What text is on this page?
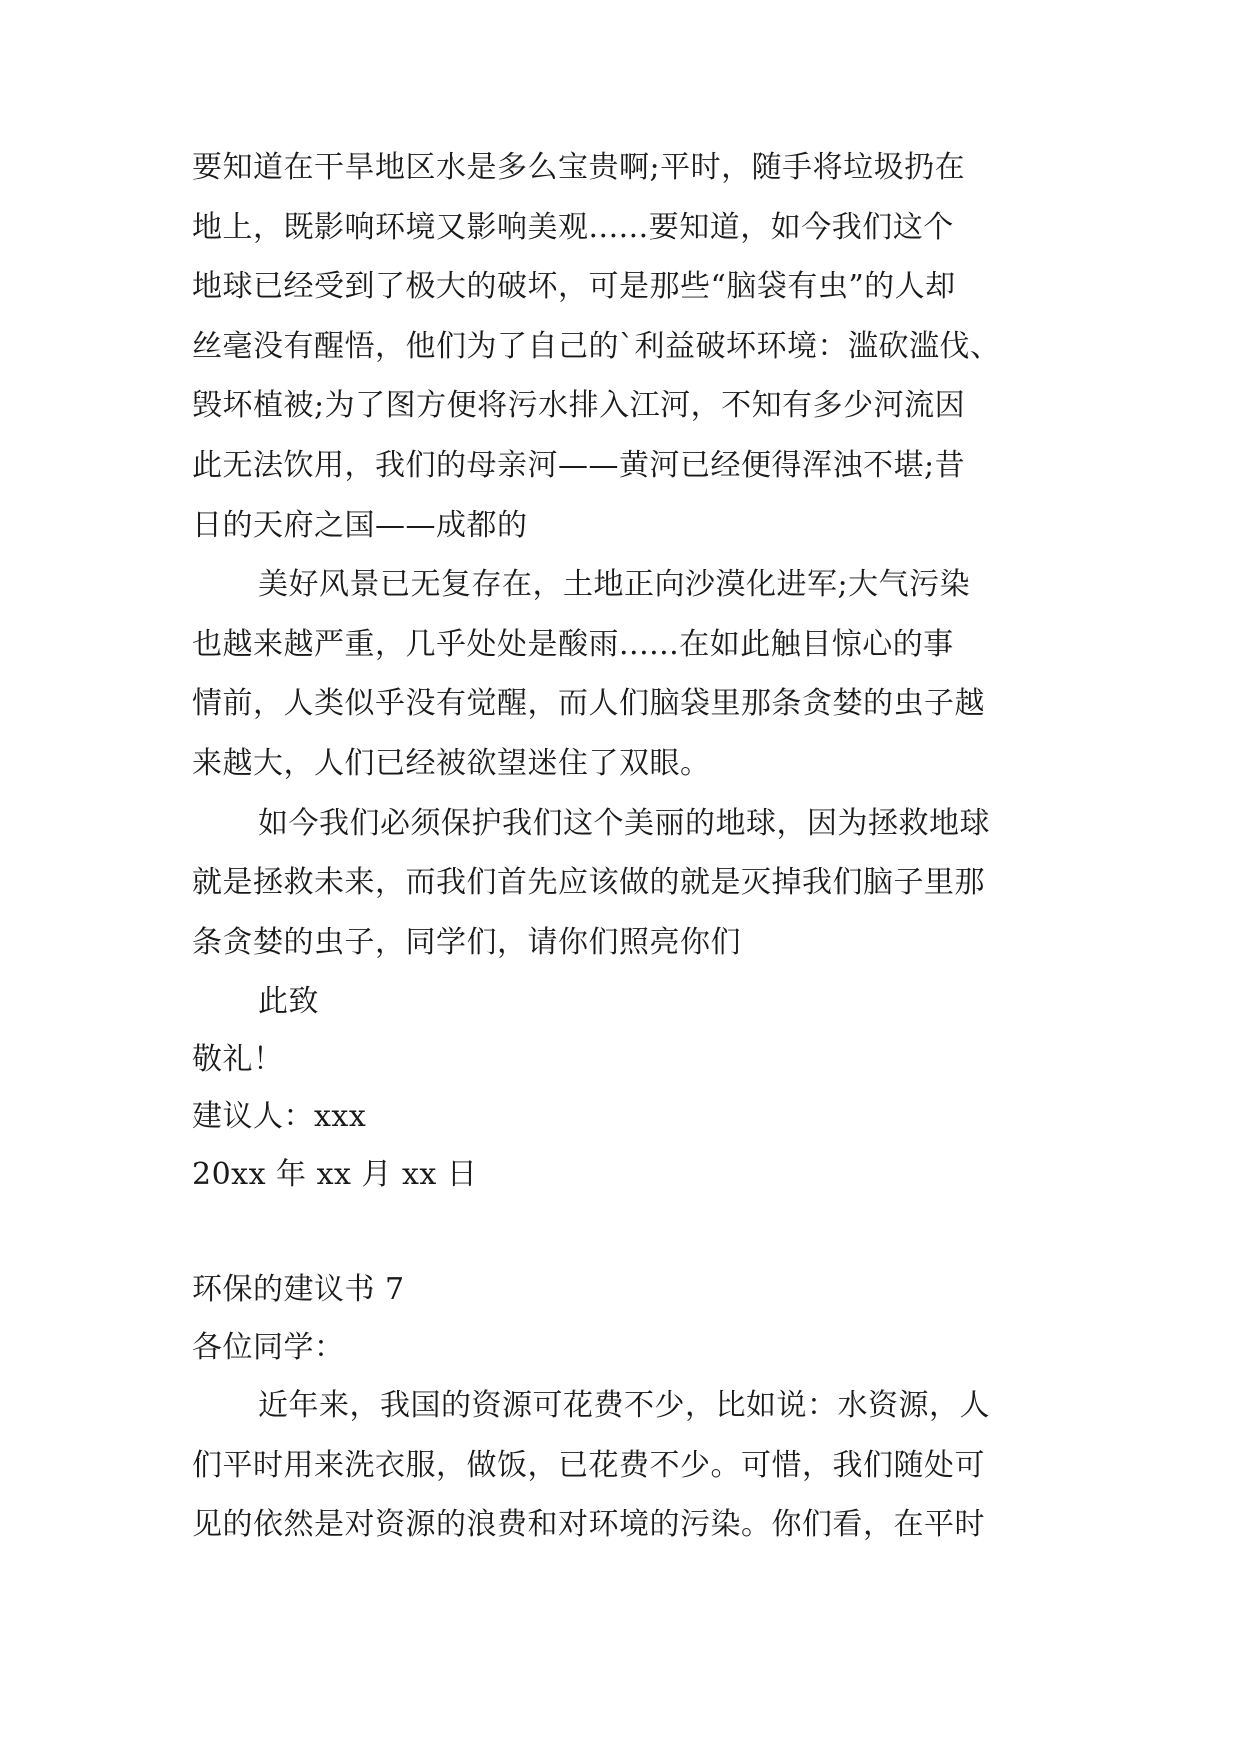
要知道在干旱地区水是多么宝贵啊;平时，随手将垃圾扔在
地上，既影响环境又影响美观......要知道，如今我们这个
地球已经受到了极大的破坏，可是那些“脑袋有虫”的人却
丝毫没有醒悟，他们为了自己的`利益破坏环境：滥砍滥伐、
毁坏植被;为了图方便将污水排入江河，不知有多少河流因
此无法饮用，我们的母亲河——黄河已经便得浑浊不堪;昔
日的天府之国——成都的
美好风景已无复存在，土地正向沙漠化进军;大气污染
也越来越严重，几乎处处是酸雨......在如此触目惊心的事
情前，人类似乎没有觉醒，而人们脑袋里那条贪婪的虫子越
来越大，人们已经被欲望迷住了双眼。
如今我们必须保护我们这个美丽的地球，因为拯救地球
就是拯救未来，而我们首先应该做的就是灭掉我们脑子里那
条贪婪的虫子，同学们，请你们照亮你们
此致
敬礼！
建议人：xxx
20xx 年 xx 月 xx 日
环保的建议书 7
各位同学：
近年来，我国的资源可花费不少，比如说：水资源，人
们平时用来洗衣服，做饭，已花费不少。可惜，我们随处可
见的依然是对资源的浪费和对环境的污染。你们看，在平时
